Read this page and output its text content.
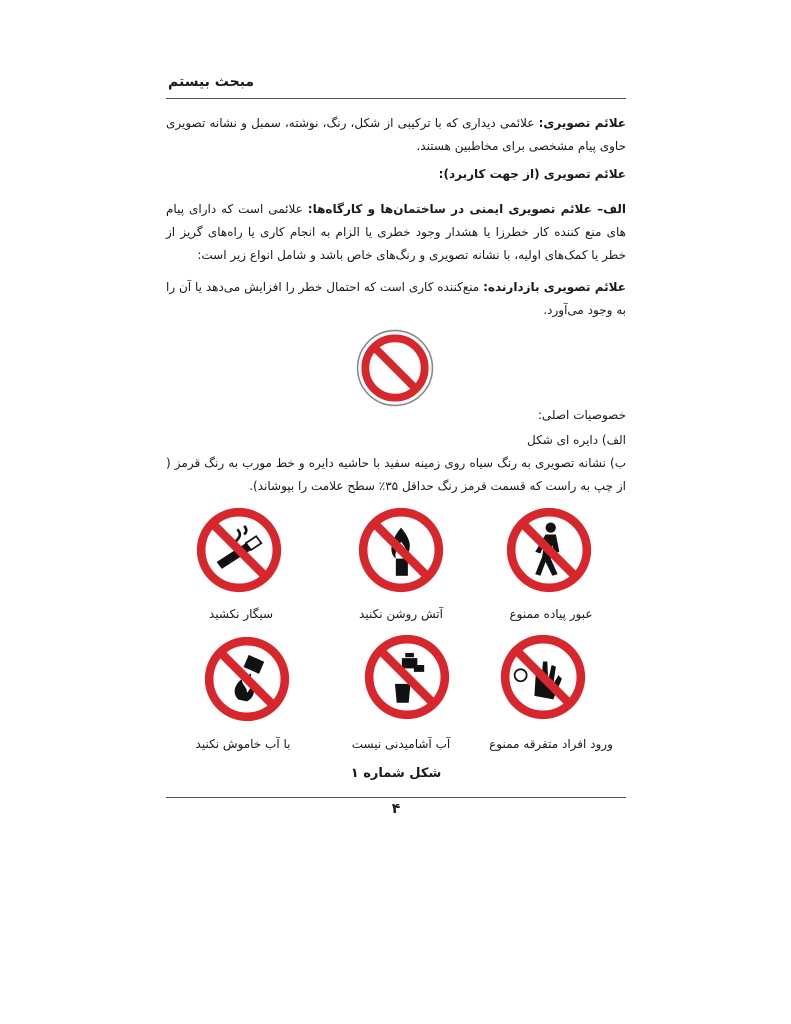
مبحث بیستم
علائم تصویری: علائمی دیداری که با ترکیبی از شکل، رنگ، نوشته، سمبل و نشانه تصویری حاوی پیام مشخصی برای مخاطبین هستند.
علائم تصویری (از جهت کاربرد):
الف– علائم تصویری ایمنی در ساختمان‌ها و کارگاه‌ها: علائمی است که دارای پیام های منع کننده کار خطرزا یا هشدار وجود خطری یا الزام به انجام کاری یا راه‌های گریز از خطر یا کمک‌های اولیه، با نشانه تصویری و رنگ‌های خاص باشد و شامل انواع زیر است:
علائم تصویری بازدارنده: منع‌کننده کاری است که احتمال خطر را افزایش می‌دهد یا آن را به وجود می‌آورد.
خصوصیات اصلی:
الف) دایره ای شکل
ب) نشانه تصویری به رنگ سیاه روی زمینه سفید با حاشیه دایره و خط مورب به رنگ قرمز ( از چپ به راست که قسمت قرمز رنگ حداقل ۳۵٪ سطح علامت را بپوشاند).
سیگار نکشید	آتش روشن نکنید	عبور پیاده ممنوع
با آب خاموش نکنید	آب آشامیدنی نیست	ورود افراد متفرقه ممنوع
شکل شماره ۱
۴
